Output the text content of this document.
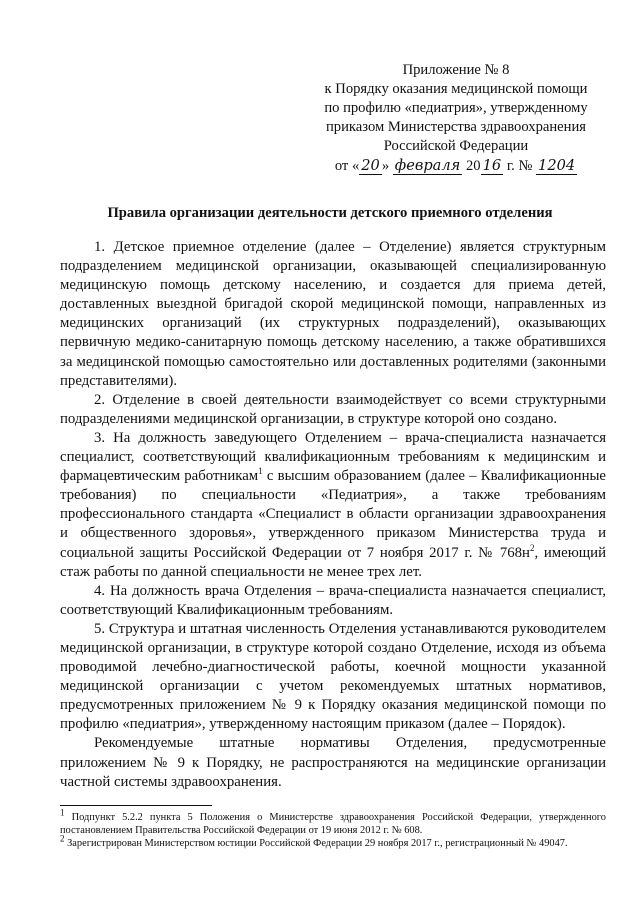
Приложение № 8
к Порядку оказания медицинской помощи
по профилю «педиатрия», утвержденному
приказом Министерства здравоохранения
Российской Федерации
от « 20 » февраля 20 16 г. № 1204
Правила организации деятельности детского приемного отделения

1. Детское приемное отделение (далее – Отделение) является структурным подразделением медицинской организации, оказывающей специализированную медицинскую помощь детскому населению, и создается для приема детей, доставленных выездной бригадой скорой медицинской помощи, направленных из медицинских организаций (их структурных подразделений), оказывающих первичную медико-санитарную помощь детскому населению, а также обратившихся за медицинской помощью самостоятельно или доставленных родителями (законными представителями).

2. Отделение в своей деятельности взаимодействует со всеми структурными подразделениями медицинской организации, в структуре которой оно создано.

3. На должность заведующего Отделением – врача-специалиста назначается специалист, соответствующий квалификационным требованиям к медицинским и фармацевтическим работникам$^1$ с высшим образованием (далее – Квалификационные требования) по специальности «Педиатрия», а также требованиям профессионального стандарта «Специалист в области организации здравоохранения и общественного здоровья», утвержденного приказом Министерства труда и социальной защиты Российской Федерации от 7 ноября 2017 г. № $768н^2$, имеющий стаж работы по данной специальности не менее трех лет.

4. На должность врача Отделения – врача-специалиста назначается специалист, соответствующий Квалификационным требованиям.

5. Структура и штатная численность Отделения устанавливаются руководителем медицинской организации, в структуре которой создано Отделение, исходя из объема проводимой лечебно-диагностической работы, коечной мощности указанной медицинской организации с учетом рекомендуемых штатных нормативов, предусмотренных приложением № 9 к Порядку оказания медицинской помощи по профилю «педиатрия», утвержденному настоящим приказом (далее – Порядок).

Рекомендуемые штатные нормативы Отделения, предусмотренные приложением № 9 к Порядку, не распространяются на медицинские организации частной системы здравоохранения.

$^1$ Подпункт 5.2.2 пункта 5 Положения о Министерстве здравоохранения Российской Федерации, утвержденного постановлением Правительства Российской Федерации от 19 июня 2012 г. № 608.

$^2$ Зарегистрирован Министерством юстиции Российской Федерации 29 ноября 2017 г., регистрационный № 49047.
